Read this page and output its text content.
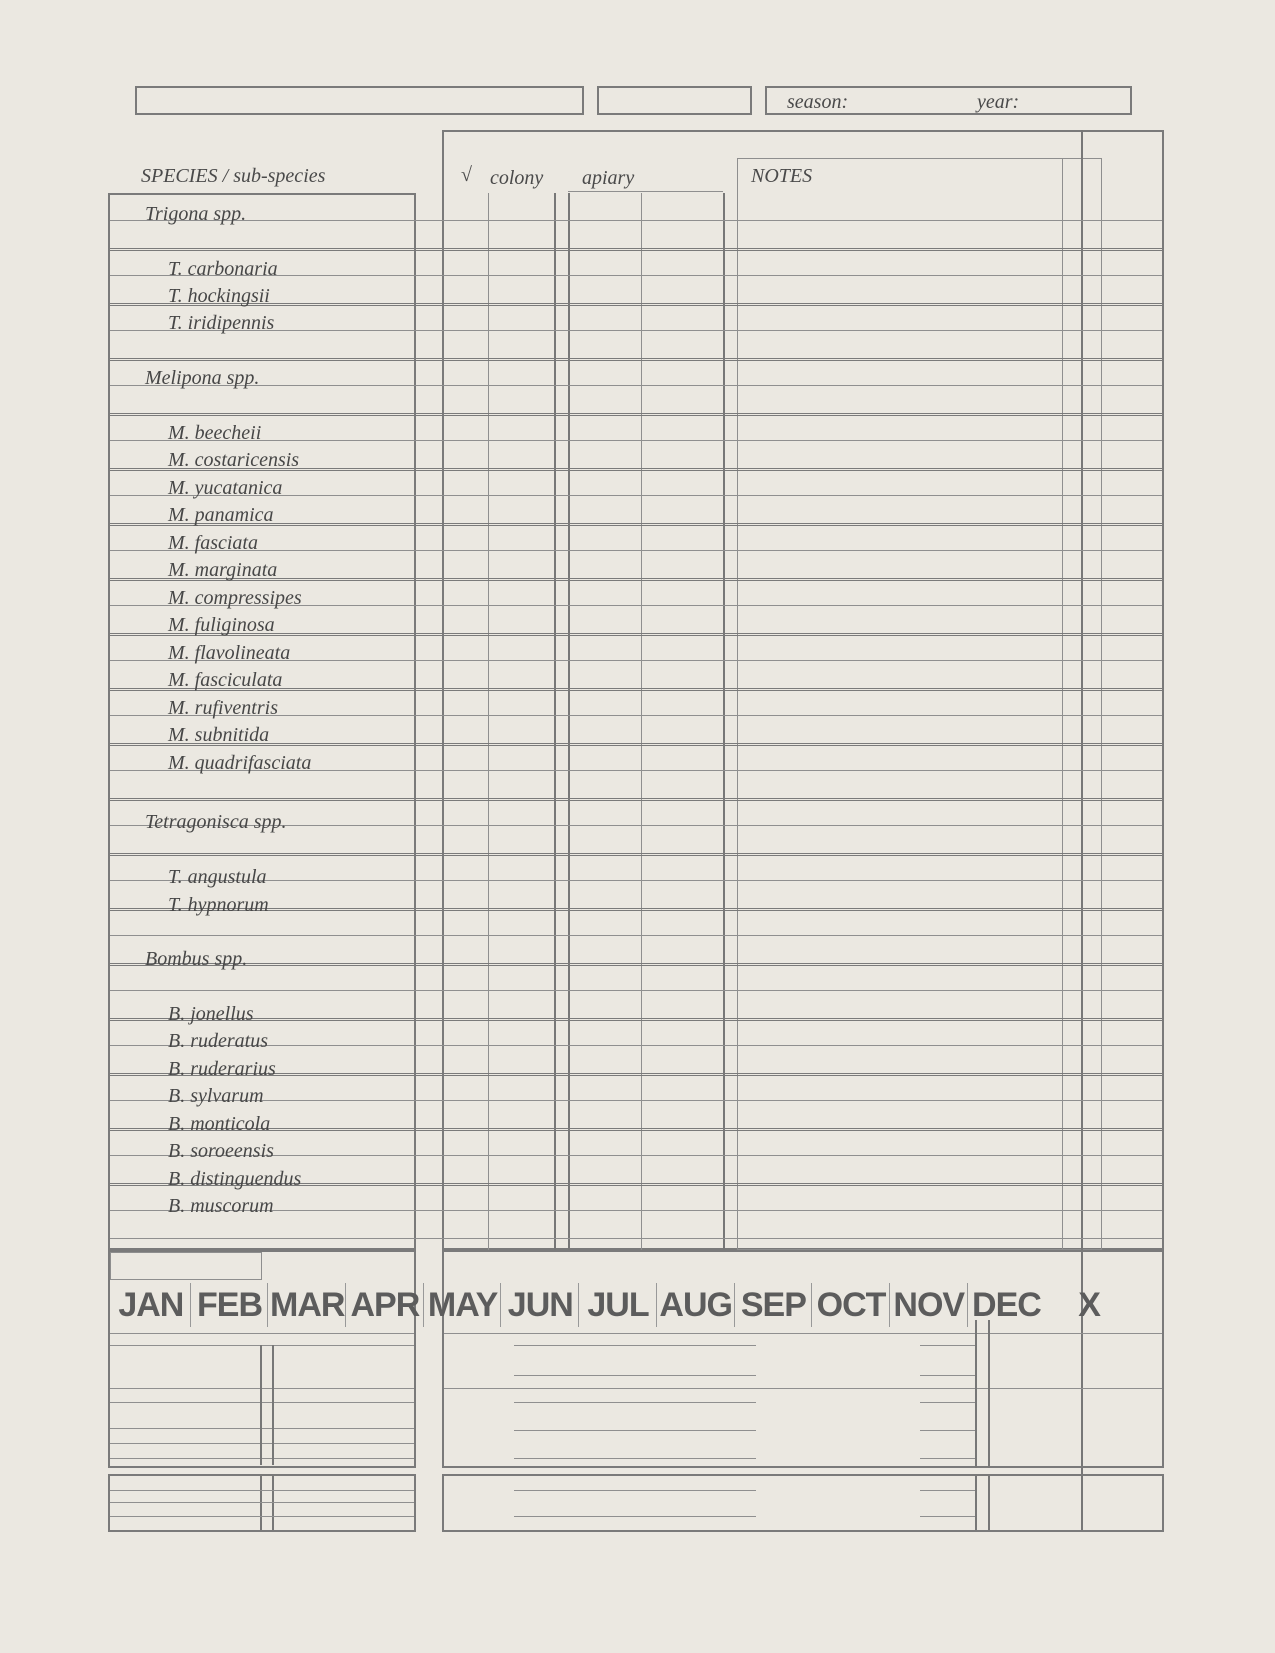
season:	year:
SPECIES / sub-species	√ colony apiary	NOTES
Trigona spp.
T. carbonaria
T. hockingsii
T. iridipennis
Melipona spp.
M. beecheii
M. costaricensis
M. yucatanica
M. panamica
M. fasciata
M. marginata
M. compressipes
M. fuliginosa
M. flavolineata
M. fasciculata
M. rufiventris
M. subnitida
M. quadrifasciata
Tetragonisca spp.
T. angustula
T. hypnorum
Bombus spp.
B. jonellus
B. ruderatus
B. ruderarius
B. sylvarum
B. monticola
B. soroeensis
B. distinguendus
B. muscorum
JAN FEB MAR APR MAY JUN JUL AUG SEP OCT NOV DEC	X
